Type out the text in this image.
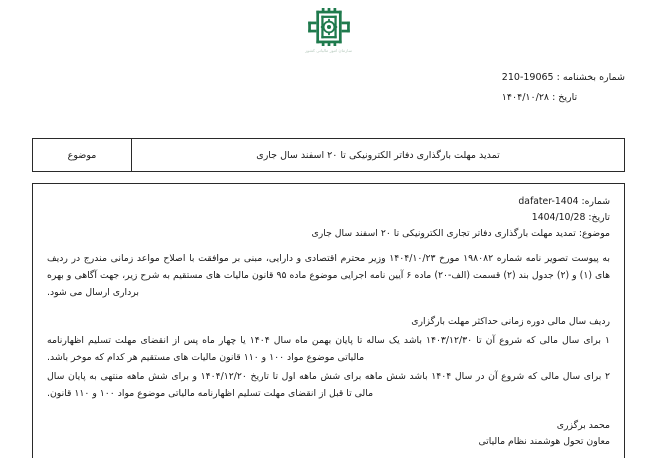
سازمان امور مالیاتی کشور
شماره بخشنامه : 19065-210
تاریخ : ۱۴۰۴/۱۰/۲۸
تمدید مهلت بارگذاری دفاتر الکترونیکی تا ۲۰ اسفند سال جاری	موضوع
شماره: dafater-1404
تاریخ: 1404/10/28
موضوع: تمدید مهلت بارگذاری دفاتر تجاری الکترونیکی تا ۲۰ اسفند سال جاری
به پیوست تصویر نامه شماره ۱۹۸۰۸۲ مورخ ۱۴۰۴/۱۰/۲۳ وزیر محترم اقتصادی و دارایی، مبنی بر موافقت با اصلاح مواعد زمانی مندرج در ردیف های (۱) و (۲) جدول بند (۲) قسمت (الف-۲۰) ماده ۶ آیین نامه اجرایی موضوع ماده ۹۵ قانون مالیات های مستقیم به شرح زیر، جهت آگاهی و بهره برداری ارسال می شود.
ردیف سال مالی دوره زمانی حداکثر مهلت بارگزاری
۱ برای سال مالی که شروع آن تا ۱۴۰۳/۱۲/۳۰ باشد یک ساله تا پایان بهمن ماه سال ۱۴۰۴ یا چهار ماه پس از انقضای مهلت تسلیم اظهارنامه مالیاتی موضوع مواد ۱۰۰ و ۱۱۰ قانون مالیات های مستقیم هر کدام که موخر باشد.
۲ برای سال مالی که شروع آن در سال ۱۴۰۴ باشد شش ماهه برای شش ماهه اول تا تاریخ ۱۴۰۴/۱۲/۲۰ و برای شش ماهه منتهی به پایان سال مالی تا قبل از انقضای مهلت تسلیم اظهارنامه مالیاتی موضوع مواد ۱۰۰ و ۱۱۰ قانون.
محمد برگزری
معاون تحول هوشمند نظام مالیاتی
